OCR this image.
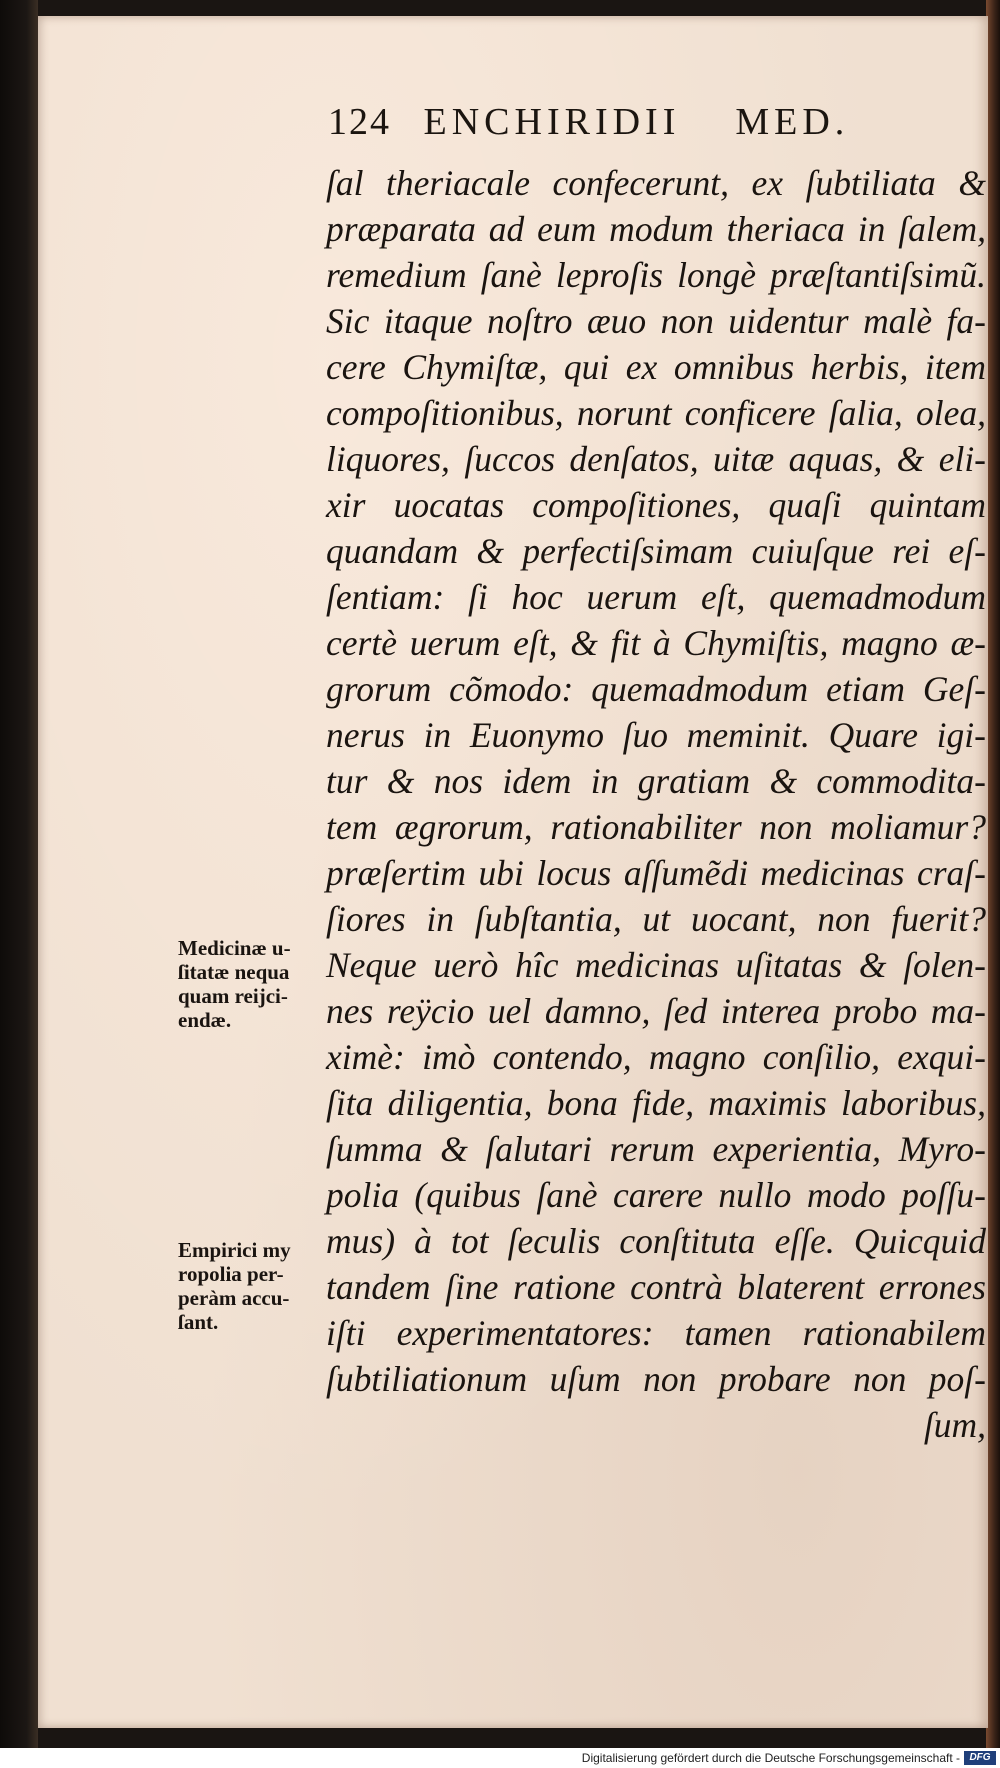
124 ENCHIRIDII MED.
ſal theriacale confecerunt, ex ſubtiliata &
præparata ad eum modum theriaca in ſalem,
remedium ſanè leproſis longè præſtantiſsimũ.
Sic itaque noſtro æuo non uidentur malè fa-
cere Chymiſtæ, qui ex omnibus herbis, item
compoſitionibus, norunt conficere ſalia, olea,
liquores, ſuccos denſatos, uitæ aquas, & eli-
xir uocatas compoſitiones, quaſi quintam
quandam & perfectiſsimam cuiuſque rei eſ-
ſentiam: ſi hoc uerum eſt, quemadmodum
certè uerum eſt, & fit à Chymiſtis, magno æ-
grorum cõmodo: quemadmodum etiam Geſ-
nerus in Euonymo ſuo meminit. Quare igi-
tur & nos idem in gratiam & commodita-
tem ægrorum, rationabiliter non moliamur?
præſertim ubi locus aſſumẽdi medicinas craſ-
ſiores in ſubſtantia, ut uocant, non fuerit?
Neque uerò hîc medicinas uſitatas & ſolen-
nes reÿcio uel damno, ſed interea probo ma-
ximè: imò contendo, magno conſilio, exqui-
ſita diligentia, bona fide, maximis laboribus,
ſumma & ſalutari rerum experientia, Myro-
polia (quibus ſanè carere nullo modo poſſu-
mus) à tot ſeculis conſtituta eſſe. Quicquid
tandem ſine ratione contrà blaterent errones
iſti experimentatores: tamen rationabilem
ſubtiliationum uſum non probare non poſ-
ſum,
Medicinæ u-
ſitatæ nequa
quam reijci-
endæ.
Empirici my
ropolia per-
peràm accu-
ſant.
Digitalisierung gefördert durch die Deutsche Forschungsgemeinschaft - DFG
